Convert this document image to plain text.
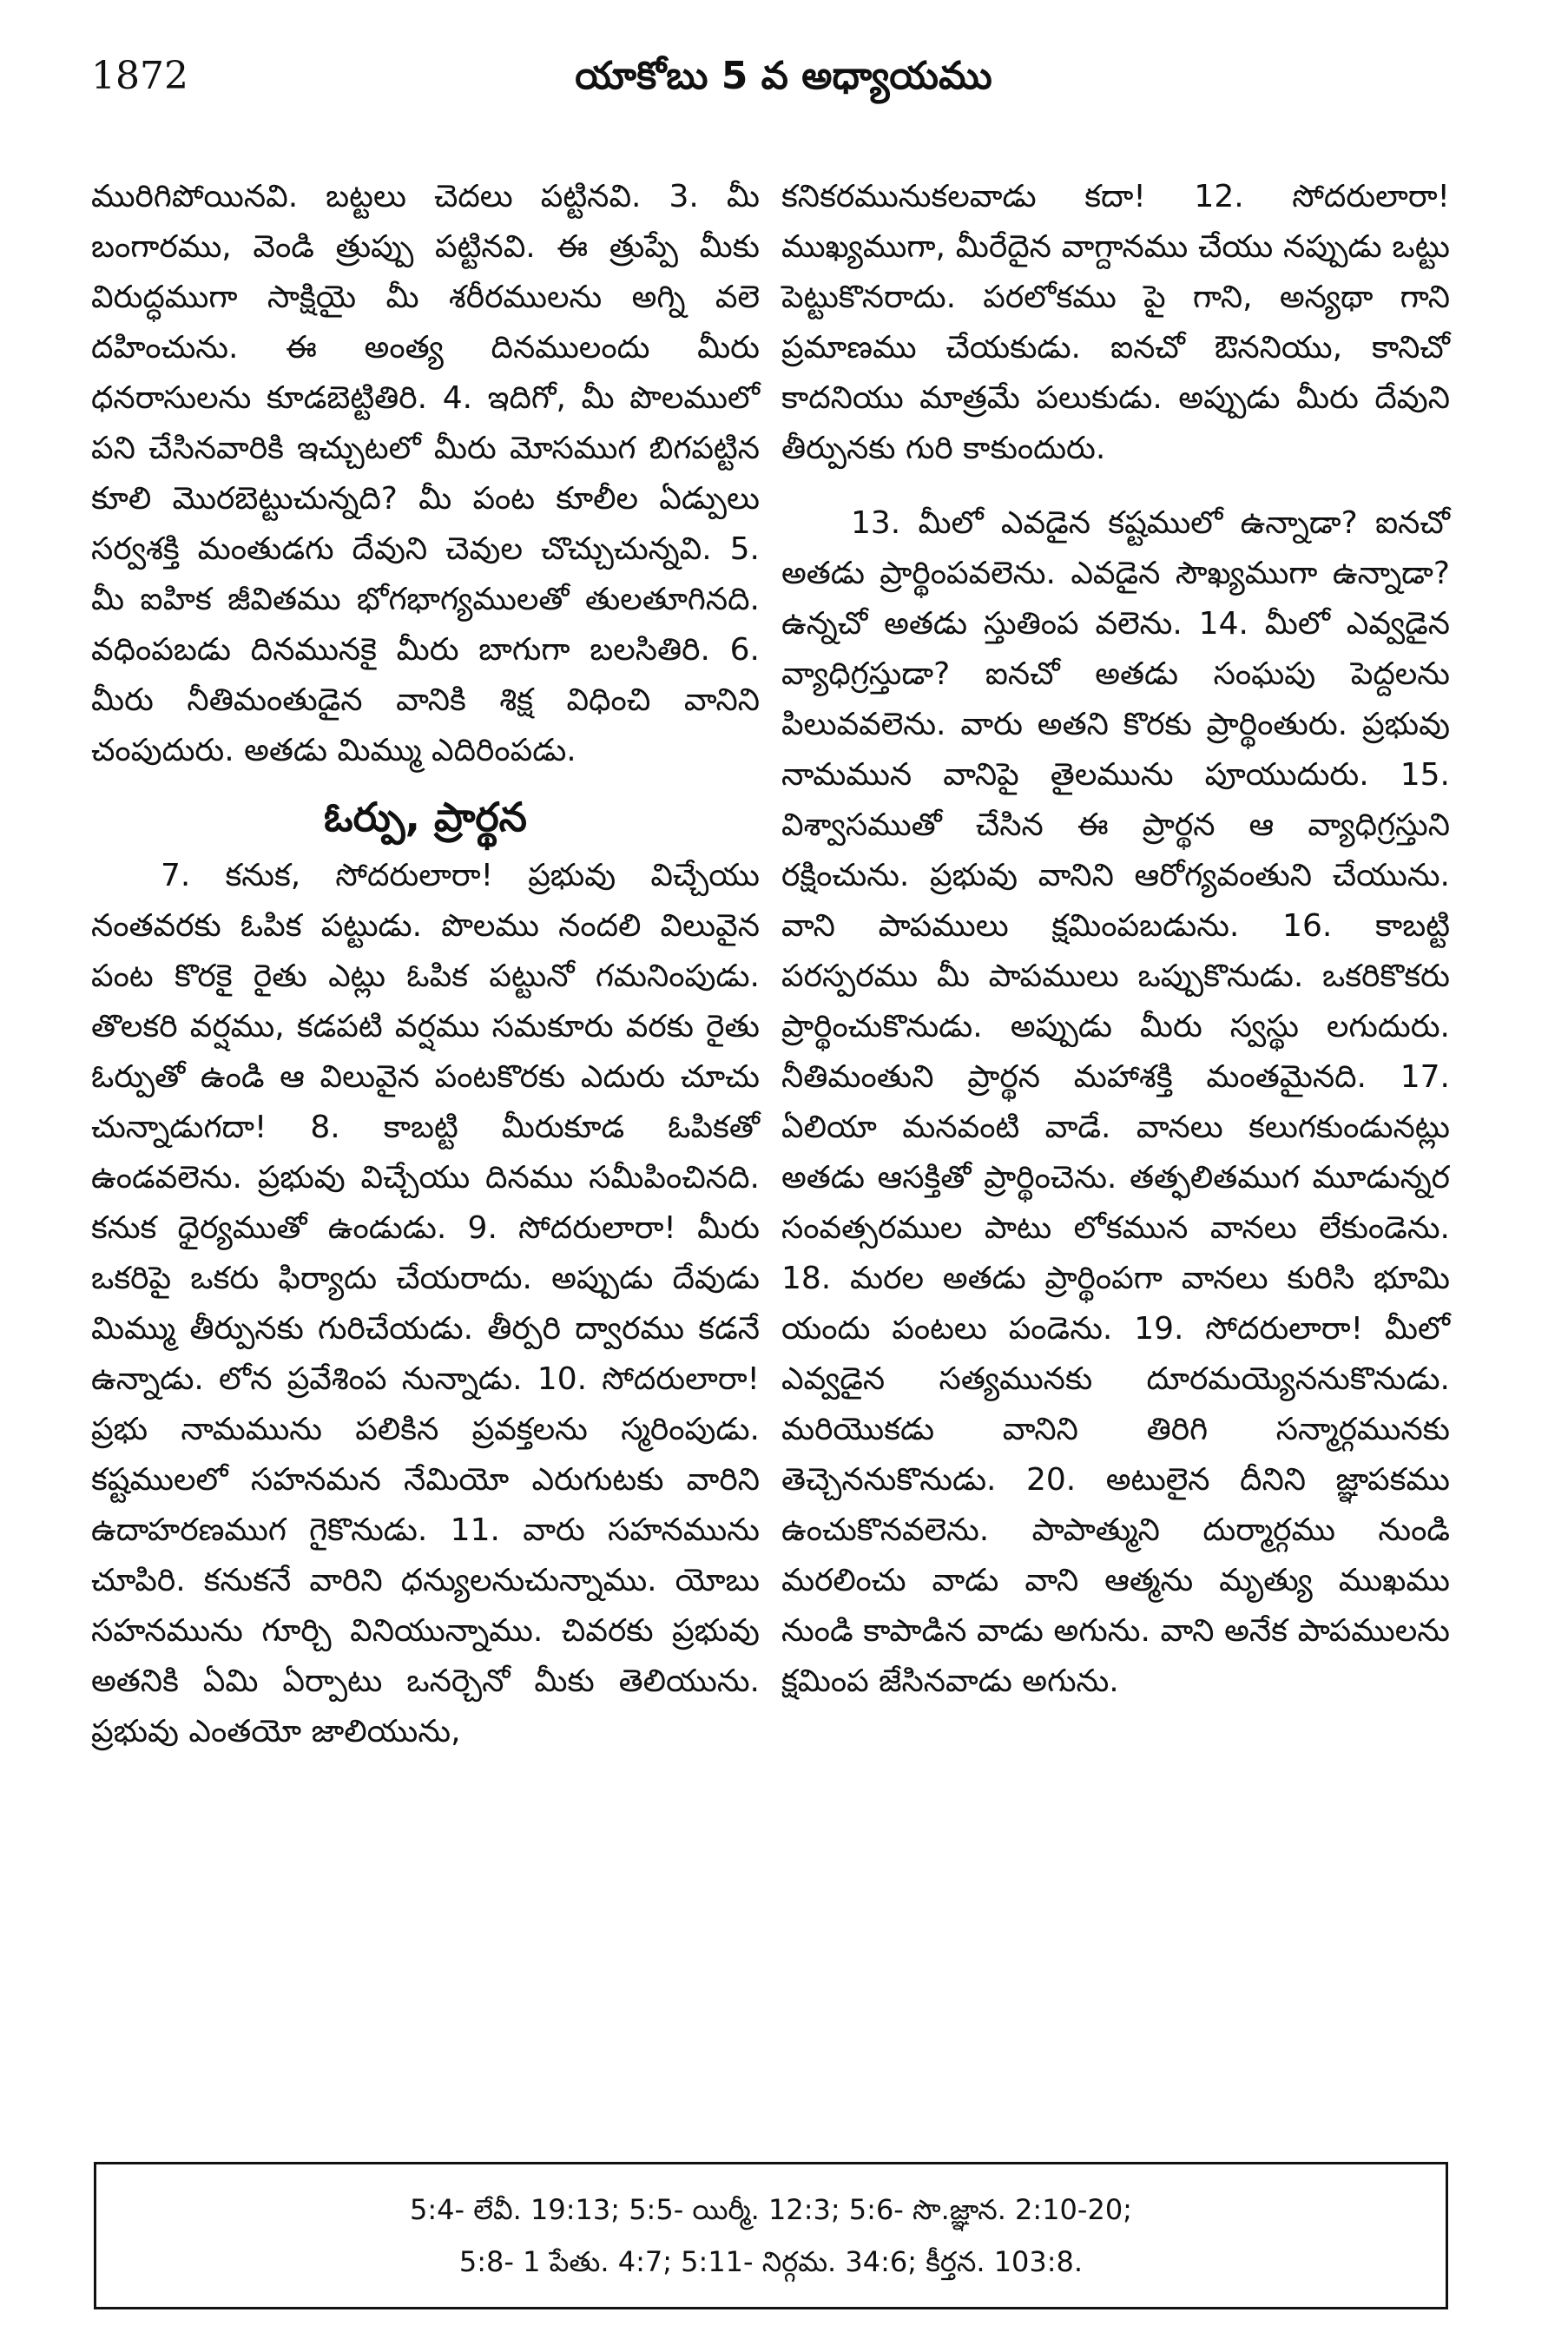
1872	యాకోబు 5 వ అధ్యాయము

మురిగిపోయినవి. బట్టలు చెదలు పట్టినవి. 3. మీ బంగారము, వెండి త్రుప్పు పట్టినవి. ఈ త్రుప్పే మీకు విరుద్ధముగా సాక్షియై మీ శరీరములను అగ్ని వలె దహించును. ఈ అంత్య దినములందు మీరు ధనరాసులను కూడబెట్టితిరి. 4. ఇదిగో, మీ పొలములో పని చేసినవారికి ఇచ్చుటలో మీరు మోసముగ బిగపట్టిన కూలి మొరబెట్టుచున్నది? మీ పంట కూలీల ఏడ్పులు సర్వశక్తి మంతుడగు దేవుని చెవుల చొచ్చుచున్నవి. 5. మీ ఐహిక జీవితము భోగభాగ్యములతో తులతూగినది. వధింపబడు దినమునకై మీరు బాగుగా బలసితిరి. 6. మీరు నీతిమంతుడైన వానికి శిక్ష విధించి వానిని చంపుదురు. అతడు మిమ్ము ఎదిరింపడు.

ఓర్పు, ప్రార్థన

7. కనుక, సోదరులారా! ప్రభువు విచ్చేయు నంతవరకు ఓపిక పట్టుడు. పొలము నందలి విలువైన పంట కొరకై రైతు ఎట్లు ఓపిక పట్టునో గమనింపుడు. తొలకరి వర్షము, కడపటి వర్షము సమకూరు వరకు రైతు ఓర్పుతో ఉండి ఆ విలువైన పంటకొరకు ఎదురు చూచు చున్నాడుగదా! 8. కాబట్టి మీరుకూడ ఓపికతో ఉండవలెను. ప్రభువు విచ్చేయు దినము సమీపించినది. కనుక ధైర్యముతో ఉండుడు. 9. సోదరులారా! మీరు ఒకరిపై ఒకరు ఫిర్యాదు చేయరాదు. అప్పుడు దేవుడు మిమ్ము తీర్పునకు గురిచేయడు. తీర్పరి ద్వారము కడనే ఉన్నాడు. లోన ప్రవేశింప నున్నాడు. 10. సోదరులారా! ప్రభు నామమును పలికిన ప్రవక్తలను స్మరింపుడు. కష్టములలో సహనమన నేమియో ఎరుగుటకు వారిని ఉదాహరణముగ గైకొనుడు. 11. వారు సహనమును చూపిరి. కనుకనే వారిని ధన్యులనుచున్నాము. యోబు సహనమును గూర్చి వినియున్నాము. చివరకు ప్రభువు అతనికి ఏమి ఏర్పాటు ఒనర్చెనో మీకు తెలియును. ప్రభువు ఎంతయో జాలియును,

కనికరమునుకలవాడు కదా! 12. సోదరులారా! ముఖ్యముగా, మీరేదైన వాగ్దానము చేయు నప్పుడు ఒట్టు పెట్టుకొనరాదు. పరలోకము పై గాని, అన్యథా గాని ప్రమాణము చేయకుడు. ఐనచో ఔననియు, కానిచో కాదనియు మాత్రమే పలుకుడు. అప్పుడు మీరు దేవుని తీర్పునకు గురి కాకుందురు.

13. మీలో ఎవడైన కష్టములో ఉన్నాడా? ఐనచో అతడు ప్రార్థింపవలెను. ఎవడైన సౌఖ్యముగా ఉన్నాడా? ఉన్నచో అతడు స్తుతింప వలెను. 14. మీలో ఎవ్వడైన వ్యాధిగ్రస్తుడా? ఐనచో అతడు సంఘపు పెద్దలను పిలువవలెను. వారు అతని కొరకు ప్రార్థింతురు. ప్రభువు నామమున వానిపై తైలమును పూయుదురు. 15. విశ్వాసముతో చేసిన ఈ ప్రార్థన ఆ వ్యాధిగ్రస్తుని రక్షించును. ప్రభువు వానిని ఆరోగ్యవంతుని చేయును. వాని పాపములు క్షమింపబడును. 16. కాబట్టి పరస్పరము మీ పాపములు ఒప్పుకొనుడు. ఒకరికొకరు ప్రార్థించుకొనుడు. అప్పుడు మీరు స్వస్థు లగుదురు. నీతిమంతుని ప్రార్థన మహాశక్తి మంతమైనది. 17. ఏలియా మనవంటి వాడే. వానలు కలుగకుండునట్లు అతడు ఆసక్తితో ప్రార్థించెను. తత్ఫలితముగ మూడున్నర సంవత్సరముల పాటు లోకమున వానలు లేకుండెను. 18. మరల అతడు ప్రార్థింపగా వానలు కురిసి భూమి యందు పంటలు పండెను. 19. సోదరులారా! మీలో ఎవ్వడైన సత్యమునకు దూరమయ్యెననుకొనుడు. మరియొకడు వానిని తిరిగి సన్మార్గమునకు తెచ్చెననుకొనుడు. 20. అటులైన దీనిని జ్ఞాపకము ఉంచుకొనవలెను. పాపాత్ముని దుర్మార్గము నుండి మరలించు వాడు వాని ఆత్మను మృత్యు ముఖము నుండి కాపాడిన వాడు అగును. వాని అనేక పాపములను క్షమింప జేసినవాడు అగును.

5:4- లేవీ. 19:13; 5:5- యిర్మీ. 12:3; 5:6- సొ.జ్ఞాన. 2:10-20;
5:8- 1 పేతు. 4:7; 5:11- నిర్గమ. 34:6; కీర్తన. 103:8.
